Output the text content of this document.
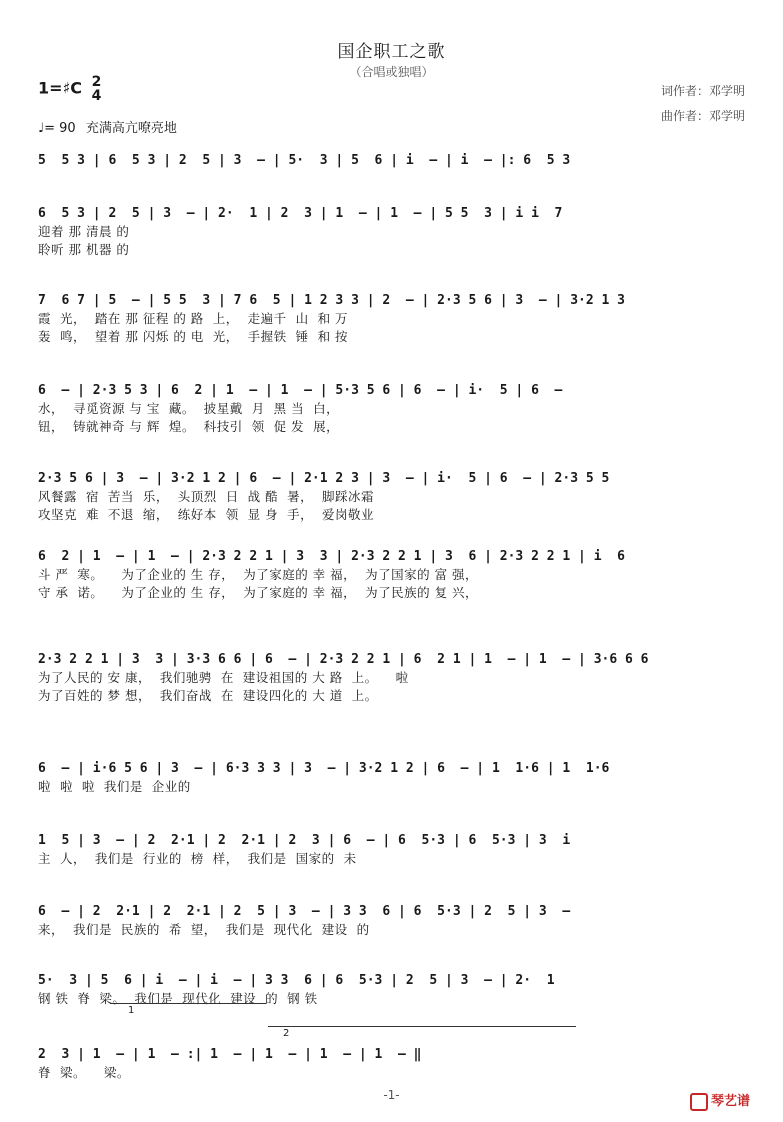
国企职工之歌
（合唱或独唱）
词作者：邓学明
曲作者：邓学明
1=♯C 2
4
♩= 90 充满高亢嘹亮地
5  5 3 | 6  5 3 | 2  5 | 3  – | 5·  3 | 5  6 | i  – | i  – |: 6  5 3
6  5 3 | 2  5 | 3  – | 2·  1 | 2  3 | 1  – | 1  – | 5 5  3 | i i  7
迎着 那 清晨 的
聆听 那 机器 的
7  6 7 | 5  – | 5 5  3 | 7 6  5 | 1 2 3 3 | 2  – | 2·3 5 6 | 3  – | 3·2 1 3
霞  光，  踏在 那 征程 的 路  上，  走遍千  山  和 万
轰  鸣，  望着 那 闪烁 的 电  光，  手握铁  锤  和 按
6  – | 2·3 5 3 | 6  2 | 1  – | 1  – | 5·3 5 6 | 6  – | i·  5 | 6  –
水，  寻觅资源 与 宝  藏。  披星戴  月  黑 当  白，
钮，  铸就神奇 与 辉  煌。  科技引  领  促 发  展，
2·3 5 6 | 3  – | 3·2 1 2 | 6  – | 2·1 2 3 | 3  – | i·  5 | 6  – | 2·3 5 5
风餐露  宿  苦当  乐，  头顶烈  日  战 酷  暑，  脚踩冰霜
攻坚克  难  不退  缩，  练好本  领  显 身  手，  爱岗敬业
6  2 | 1  – | 1  – | 2·3 2 2 1 | 3  3 | 2·3 2 2 1 | 3  6 | 2·3 2 2 1 | i  6
斗 严  寒。    为了企业的 生 存，  为了家庭的 幸 福，  为了国家的 富 强，
守 承  诺。    为了企业的 生 存，  为了家庭的 幸 福，  为了民族的 复 兴，
2·3 2 2 1 | 3  3 | 3·3 6 6 | 6  – | 2·3 2 2 1 | 6  2 1 | 1  – | 1  – | 3·6 6 6
为了人民的 安 康，  我们驰骋  在  建设祖国的 大 路  上。    啦
为了百姓的 梦 想，  我们奋战  在  建设四化的 大 道  上。
6  – | i·6 5 6 | 3  – | 6·3 3 3 | 3  – | 3·2 1 2 | 6  – | 1  1·6 | 1  1·6
啦  啦  啦  我们是  企业的
1  5 | 3  – | 2  2·1 | 2  2·1 | 2  3 | 6  – | 6  5·3 | 6  5·3 | 3  i
主  人，  我们是  行业的  榜  样，  我们是  国家的  未
6  – | 2  2·1 | 2  2·1 | 2  5 | 3  – | 3 3  6 | 6  5·3 | 2  5 | 3  –
来，  我们是  民族的  希  望，  我们是  现代化  建设  的
5·  3 | 5  6 | i  – | i  – | 3 3  6 | 6  5·3 | 2  5 | 3  – | 2·  1
钢 铁  脊  梁。  我们是  现代化  建设  的  钢 铁
2  3 | 1  – | 1  – :| 1  – | 1  – | 1  – | 1  – ‖
脊  梁。    梁。
1
2
-1-	琴艺谱
